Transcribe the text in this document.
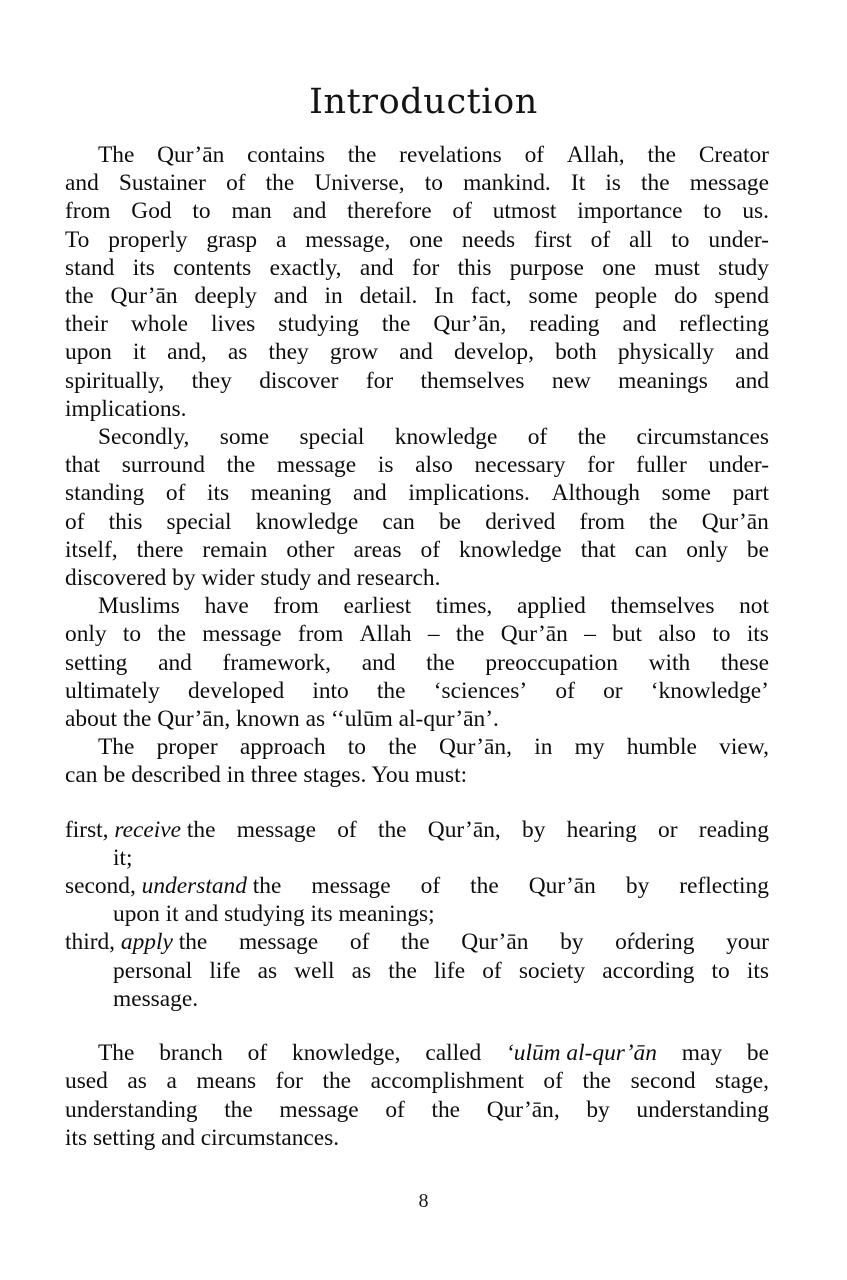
Introduction
The Qur’ān contains the revelations of Allah, the Creator
and Sustainer of the Universe, to mankind. It is the message
from God to man and therefore of utmost importance to us.
To properly grasp a message, one needs first of all to under-
stand its contents exactly, and for this purpose one must study
the Qur’ān deeply and in detail. In fact, some people do spend
their whole lives studying the Qur’ān, reading and reflecting
upon it and, as they grow and develop, both physically and
spiritually, they discover for themselves new meanings and
implications.
Secondly, some special knowledge of the circumstances
that surround the message is also necessary for fuller under-
standing of its meaning and implications. Although some part
of this special knowledge can be derived from the Qur’ān
itself, there remain other areas of knowledge that can only be
discovered by wider study and research.
Muslims have from earliest times, applied themselves not
only to the message from Allah – the Qur’ān – but also to its
setting and framework, and the preoccupation with these
ultimately developed into the ‘sciences’ of or ‘knowledge’
about the Qur’ān, known as ‘‘ulūm al-qur’ān’.
The proper approach to the Qur’ān, in my humble view,
can be described in three stages. You must:
first, receive the message of the Qur’ān, by hearing or reading
it;
second, understand the message of the Qur’ān by reflecting
upon it and studying its meanings;
third, apply the message of the Qur’ān by oŕdering your
personal life as well as the life of society according to its
message.
The branch of knowledge, called ‘ulūm al-qur’ān may be
used as a means for the accomplishment of the second stage,
understanding the message of the Qur’ān, by understanding
its setting and circumstances.
8
